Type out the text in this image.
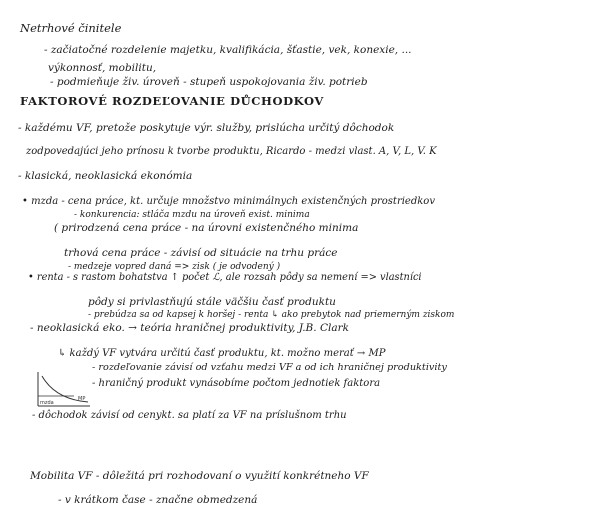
Netrhové činitele
- začiatočné rozdelenie majetku, kvalifikácia, šťastie, vek, konexie, ...
výkonnosť, mobilitu,
- podmieňuje živ. úroveň - stupeň uspokojovania živ. potrieb
FAKTOROVÉ ROZDEĽOVANIE DŮCHODKOV
- každému VF, pretože poskytuje výr. služby, prislúcha určitý dôchodok
zodpovedajúci jeho prínosu k tvorbe produktu, Ricardo - medzi vlast. A, V, L, V. K
- klasická, neoklasická ekonómia
• mzda - cena práce, kt. určuje množstvo minimálnych existenčných prostriedkov
- konkurencia: stláča mzdu na úroveň exist. minima
( prirodzená cena práce - na úrovni existenčného minima
trhová cena práce - závisí od situácie na trhu práce
- medzeje vopred daná => zisk ( je odvodený )
• renta - s rastom bohatstva ↑ počet ℒ, ale rozsah pôdy sa nemení => vlastníci
pôdy si privlastňujú stále väčšiu časť produktu
- prebúdza sa od kapsej k horšej - renta ↳ ako prebytok nad priemerným ziskom
- neoklasická eko. → teória hraničnej produktivity, J.B. Clark
↳ každý VF vytvára určitú časť produktu, kt. možno merať → MP
- rozdeľovanie závisí od vzťahu medzi VF a od ich hraničnej produktivity
- hraničný produkt vynásobíme počtom jednotiek faktora
mzda
MP
- dôchodok závisí od cenykt. sa platí za VF na príslušnom trhu
Mobilita VF - dôležitá pri rozhodovaní o využití konkrétneho VF
- v krátkom čase - značne obmedzená
